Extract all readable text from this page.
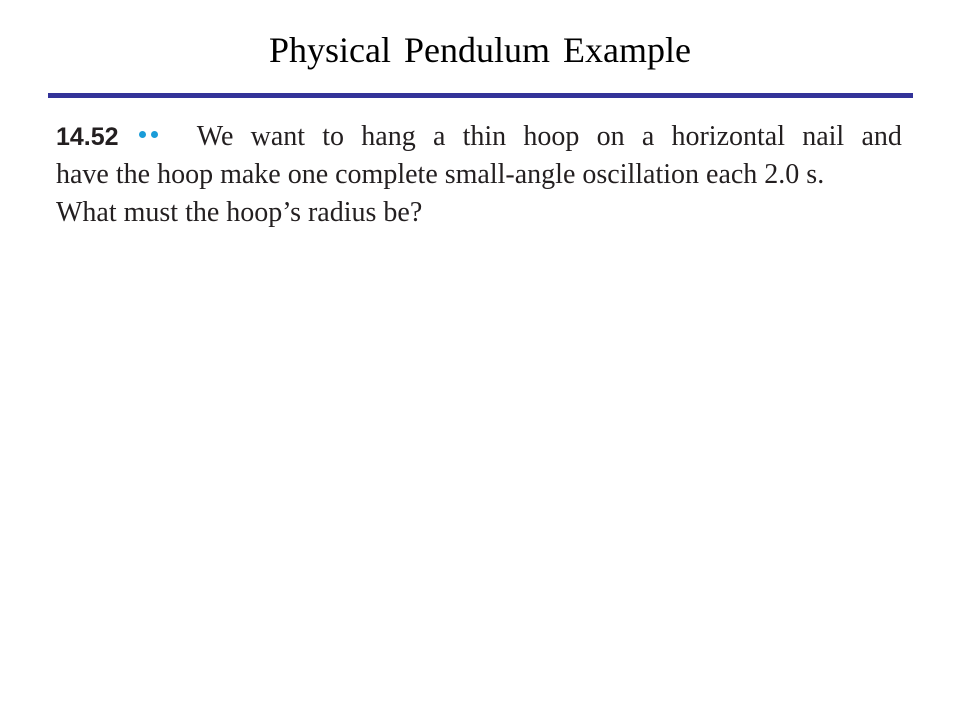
Physical Pendulum Example
14.52	We want to hang a thin hoop on a horizontal nail and
have the hoop make one complete small-angle oscillation each 2.0 s.
What must the hoop’s radius be?
